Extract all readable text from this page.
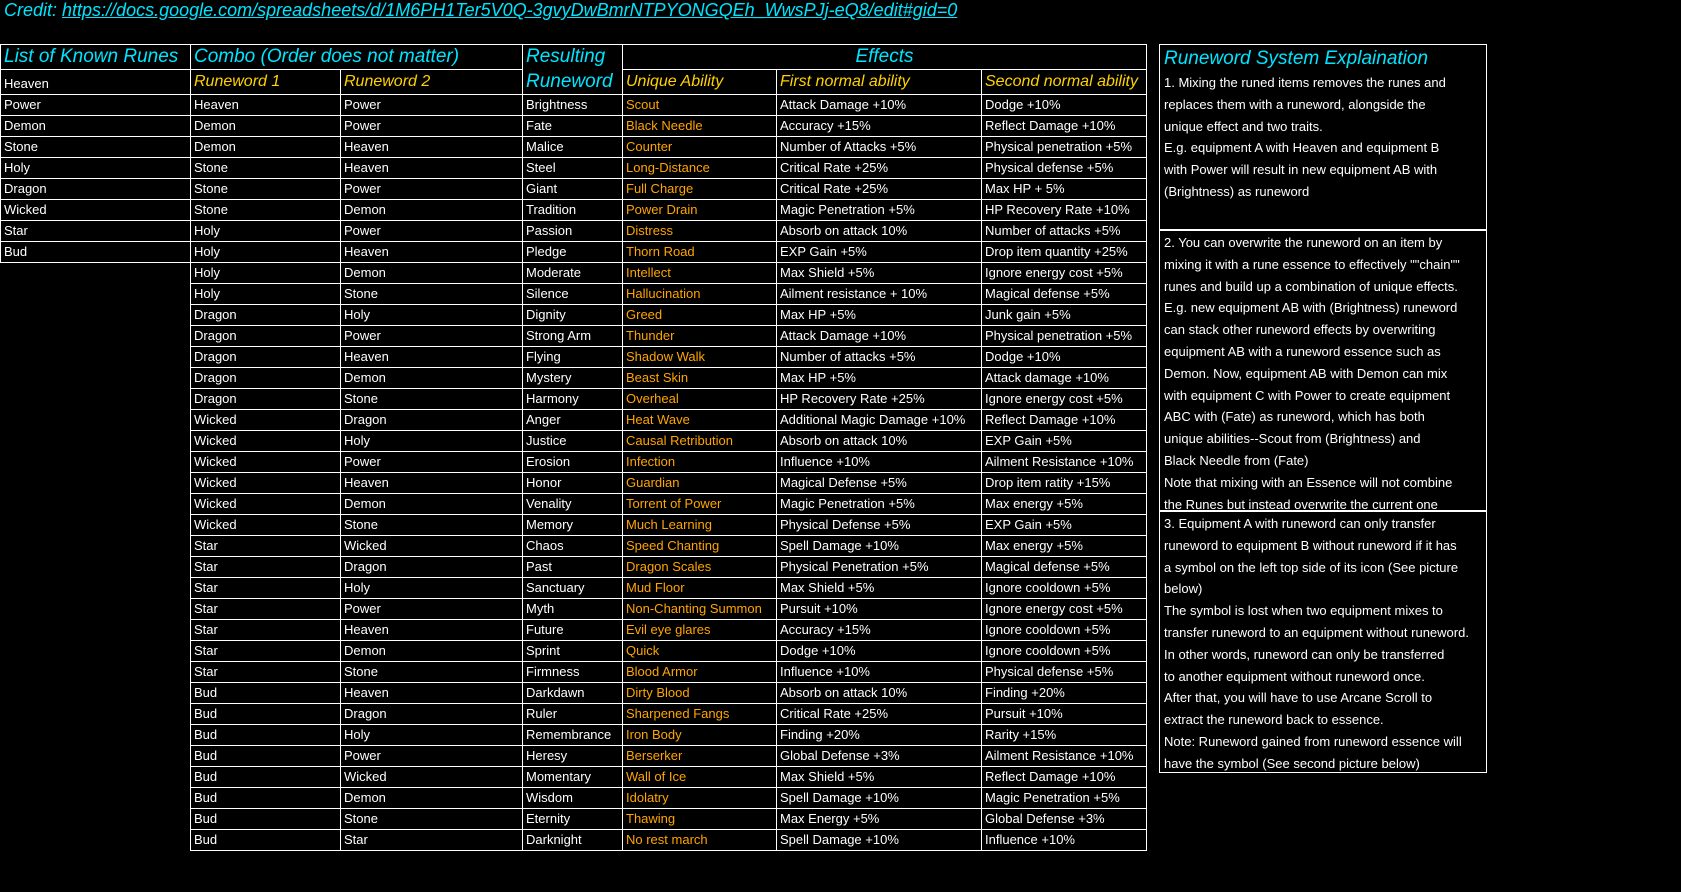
Credit: https://docs.google.com/spreadsheets/d/1M6PH1Ter5V0Q-3gvyDwBmrNTPYONGQEh_WwsPJj-eQ8/edit#gid=0
List of Known Runes	Combo (Order does not matter)		Resulting	Effects		
Heaven	Runeword 1	Runeword 2	Runeword	Unique Ability	First normal ability	Second normal ability
Power	Heaven	Power	Brightness	Scout	Attack Damage +10%	Dodge +10%
Demon	Demon	Power	Fate	Black Needle	Accuracy +15%	Reflect Damage +10%
Stone	Demon	Heaven	Malice	Counter	Number of Attacks +5%	Physical penetration +5%
Holy	Stone	Heaven	Steel	Long-Distance	Critical Rate +25%	Physical defense +5%
Dragon	Stone	Power	Giant	Full Charge	Critical Rate +25%	Max HP + 5%
Wicked	Stone	Demon	Tradition	Power Drain	Magic Penetration +5%	HP Recovery Rate +10%
Star	Holy	Power	Passion	Distress	Absorb on attack 10%	Number of attacks +5%
Bud	Holy	Heaven	Pledge	Thorn Road	EXP Gain +5%	Drop item quantity +25%
	Holy	Demon	Moderate	Intellect	Max Shield +5%	Ignore energy cost +5%
	Holy	Stone	Silence	Hallucination	Ailment resistance + 10%	Magical defense +5%
	Dragon	Holy	Dignity	Greed	Max HP +5%	Junk gain +5%
	Dragon	Power	Strong Arm	Thunder	Attack Damage +10%	Physical penetration +5%
	Dragon	Heaven	Flying	Shadow Walk	Number of attacks +5%	Dodge +10%
	Dragon	Demon	Mystery	Beast Skin	Max HP +5%	Attack damage +10%
	Dragon	Stone	Harmony	Overheal	HP Recovery Rate +25%	Ignore energy cost +5%
	Wicked	Dragon	Anger	Heat Wave	Additional Magic Damage +10%	Reflect Damage +10%
	Wicked	Holy	Justice	Causal Retribution	Absorb on attack 10%	EXP Gain +5%
	Wicked	Power	Erosion	Infection	Influence +10%	Ailment Resistance +10%
	Wicked	Heaven	Honor	Guardian	Magical Defense +5%	Drop item ratity +15%
	Wicked	Demon	Venality	Torrent of Power	Magic Penetration +5%	Max energy +5%
	Wicked	Stone	Memory	Much Learning	Physical Defense +5%	EXP Gain +5%
	Star	Wicked	Chaos	Speed Chanting	Spell Damage +10%	Max energy +5%
	Star	Dragon	Past	Dragon Scales	Physical Penetration +5%	Magical defense +5%
	Star	Holy	Sanctuary	Mud Floor	Max Shield +5%	Ignore cooldown +5%
	Star	Power	Myth	Non-Chanting Summon	Pursuit +10%	Ignore energy cost +5%
	Star	Heaven	Future	Evil eye glares	Accuracy +15%	Ignore cooldown +5%
	Star	Demon	Sprint	Quick	Dodge +10%	Ignore cooldown +5%
	Star	Stone	Firmness	Blood Armor	Influence +10%	Physical defense +5%
	Bud	Heaven	Darkdawn	Dirty Blood	Absorb on attack 10%	Finding +20%
	Bud	Dragon	Ruler	Sharpened Fangs	Critical Rate +25%	Pursuit +10%
	Bud	Holy	Remembrance	Iron Body	Finding +20%	Rarity +15%
	Bud	Power	Heresy	Berserker	Global Defense +3%	Ailment Resistance +10%
	Bud	Wicked	Momentary	Wall of Ice	Max Shield +5%	Reflect Damage +10%
	Bud	Demon	Wisdom	Idolatry	Spell Damage +10%	Magic Penetration +5%
	Bud	Stone	Eternity	Thawing	Max Energy +5%	Global Defense +3%
	Bud	Star	Darknight	No rest march	Spell Damage +10%	Influence +10%
Runeword System Explaination
1. Mixing the runed items removes the runes and
replaces them with a runeword, alongside the
unique effect and two traits.
E.g. equipment A with Heaven and equipment B
with Power will result in new equipment AB with
(Brightness) as runeword
2. You can overwrite the runeword on an item by
mixing it with a rune essence to effectively ""chain""
runes and build up a combination of unique effects.
E.g. new equipment AB with (Brightness) runeword
can stack other runeword effects by overwriting
equipment AB with a runeword essence such as
Demon. Now, equipment AB with Demon can mix
with equipment C with Power to create equipment
ABC with (Fate) as runeword, which has both
unique abilities--Scout from (Brightness) and
Black Needle from (Fate)
Note that mixing with an Essence will not combine
the Runes but instead overwrite the current one
3. Equipment A with runeword can only transfer
runeword to equipment B without runeword if it has
a symbol on the left top side of its icon (See picture
below)
The symbol is lost when two equipment mixes to
transfer runeword to an equipment without runeword.
In other words, runeword can only be transferred
to another equipment without runeword once.
After that, you will have to use Arcane Scroll to
extract the runeword back to essence.
Note: Runeword gained from runeword essence will
have the symbol (See second picture below)
